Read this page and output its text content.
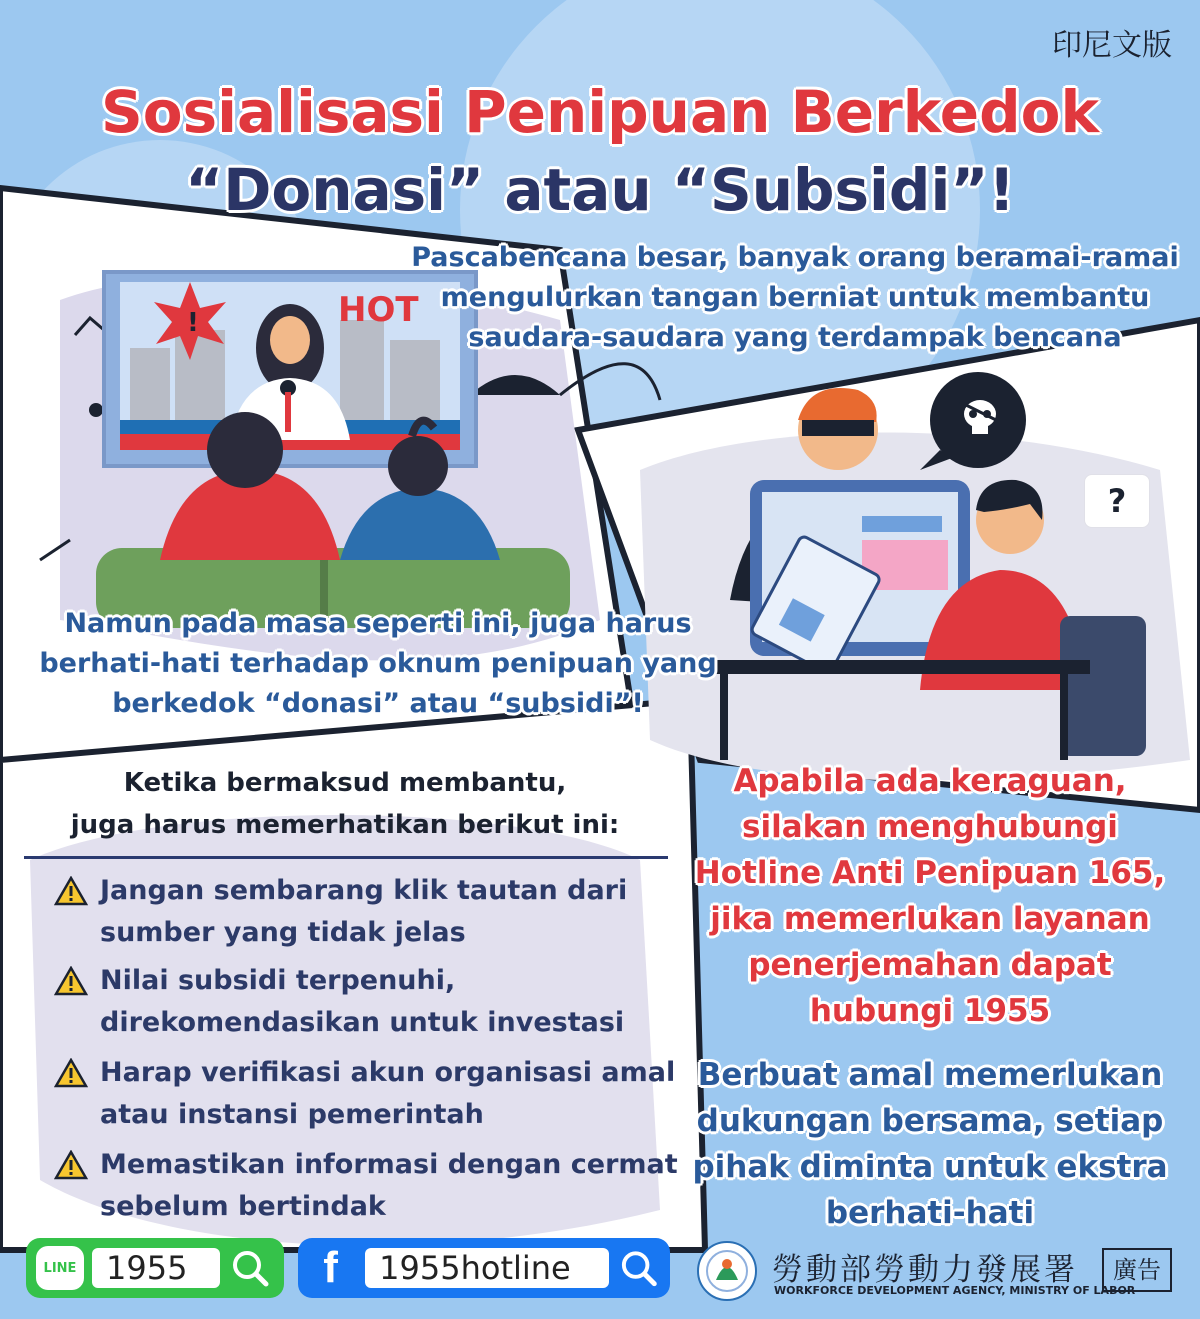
HOT
!
?
印尼文版
Sosialisasi Penipuan Berkedok
“Donasi” atau “Subsidi”!
Pascabencana besar, banyak orang beramai-ramai
mengulurkan tangan berniat untuk membantu
saudara-saudara yang terdampak bencana
Namun pada masa seperti ini, juga harus
berhati-hati terhadap oknum penipuan yang
berkedok “donasi” atau “subsidi”!
Ketika bermaksud membantu,
juga harus memerhatikan berikut ini:
Jangan sembarang klik tautan dari
sumber yang tidak jelas
Nilai subsidi terpenuhi,
direkomendasikan untuk investasi
Harap verifikasi akun organisasi amal
atau instansi pemerintah
Memastikan informasi dengan cermat
sebelum bertindak
Apabila ada keraguan,
silakan menghubungi
Hotline Anti Penipuan 165,
jika memerlukan layanan
penerjemahan dapat
hubungi 1955
Berbuat amal memerlukan
dukungan bersama, setiap
pihak diminta untuk ekstra
berhati-hati
LINE 1955	f	1955hotline	勞動部勞動力發展署
WORKFORCE DEVELOPMENT AGENCY, MINISTRY OF LABOR
廣告
